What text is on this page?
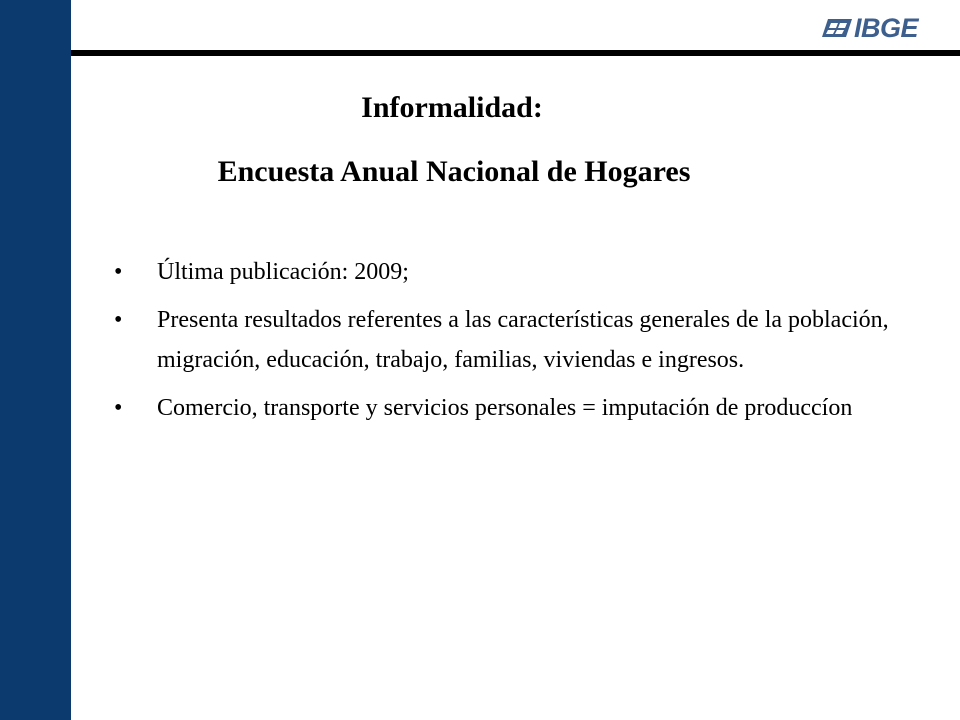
IBGE
Informalidad:
Encuesta Anual Nacional de Hogares
•	Última publicación: 2009;
•	Presenta resultados referentes a las características generales de la población, migración, educación, trabajo, familias, viviendas e ingresos.
•	Comercio, transporte y servicios personales = imputación de produccíon
